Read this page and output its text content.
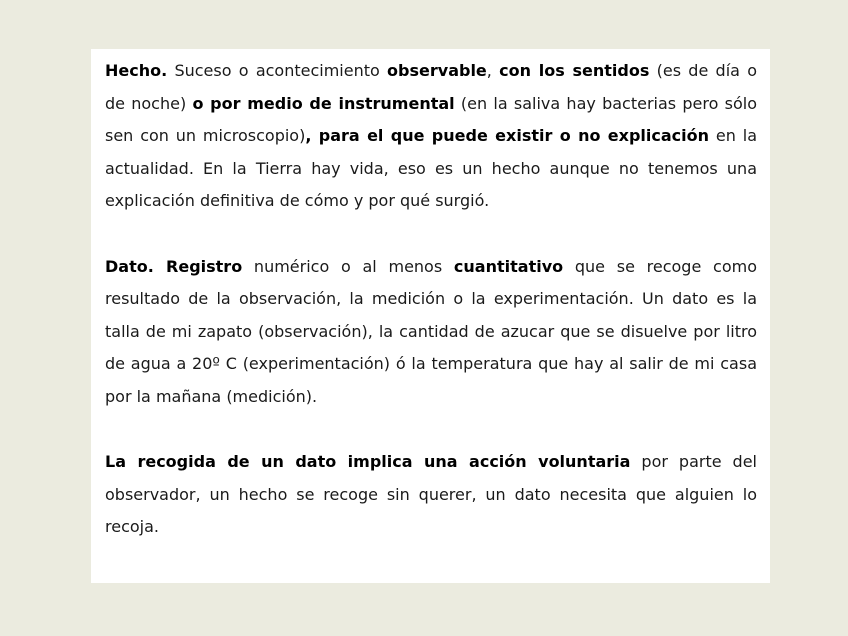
Hecho. Suceso o acontecimiento observable, con los sentidos (es de día o de noche) o por medio de instrumental (en la saliva hay bacterias pero sólo sen con un microscopio), para el que puede existir o no explicación en la actualidad. En la Tierra hay vida, eso es un hecho aunque no tenemos una explicación definitiva de cómo y por qué surgió.

Dato. Registro numérico o al menos cuantitativo que se recoge como resultado de la observación, la medición o la experimentación. Un dato es la talla de mi zapato (observación), la cantidad de azucar que se disuelve por litro de agua a 20º C (experimentación) ó la temperatura que hay al salir de mi casa por la mañana (medición).

La recogida de un dato implica una acción voluntaria por parte del observador, un hecho se recoge sin querer, un dato necesita que alguien lo recoja.
